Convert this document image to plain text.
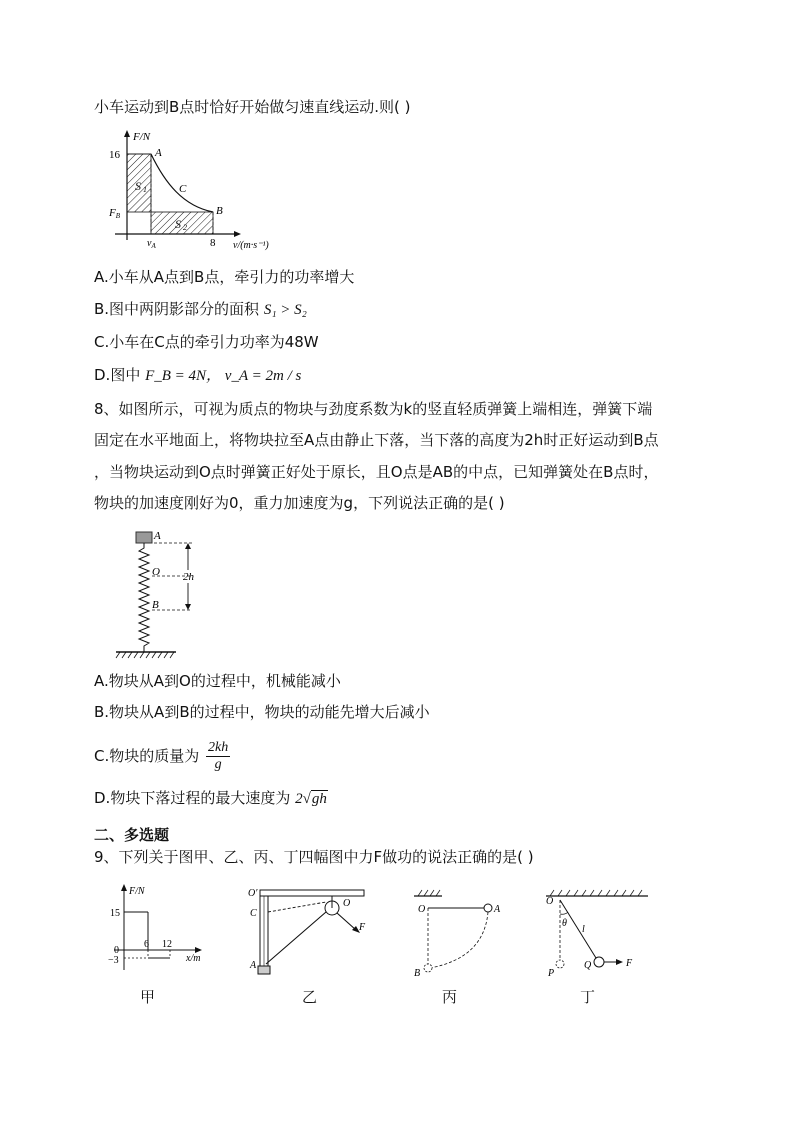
小车运动到B点时恰好开始做匀速直线运动.则( )
F/N
16
FB
A
C
B
S 1
S 2
$v_A$	8 v/(m·s⁻¹)
A.小车从A点到B点，牵引力的功率增大
B.图中两阴影部分的面积 S₁ > S₂
C.小车在C点的牵引力功率为48W
D.图中 F_B = 4N， v_A = 2m / s
8、如图所示，可视为质点的物块与劲度系数为k的竖直轻质弹簧上端相连，弹簧下端
固定在水平地面上，将物块拉至A点由静止下落，当下落的高度为2h时正好运动到B点
，当物块运动到O点时弹簧正好处于原长，且O点是AB的中点，已知弹簧处在B点时，
物块的加速度刚好为0，重力加速度为g，下列说法正确的是( )
A
O
B
2h
A.物块从A到O的过程中，机械能减小
B.物块从A到B的过程中，物块的动能先增大后减小
C.物块的质量为 $\frac{2kh}{g}$
D.物块下落过程的最大速度为 2√gh
二、多选题
9、下列关于图甲、乙、丙、丁四幅图中力F做功的说法正确的是( )
F/N
15
0
−3
6 12
x/m
甲
O′
C
O
A
F
乙
O	A
B
丙
O
θ
l
P
Q	F
丁
